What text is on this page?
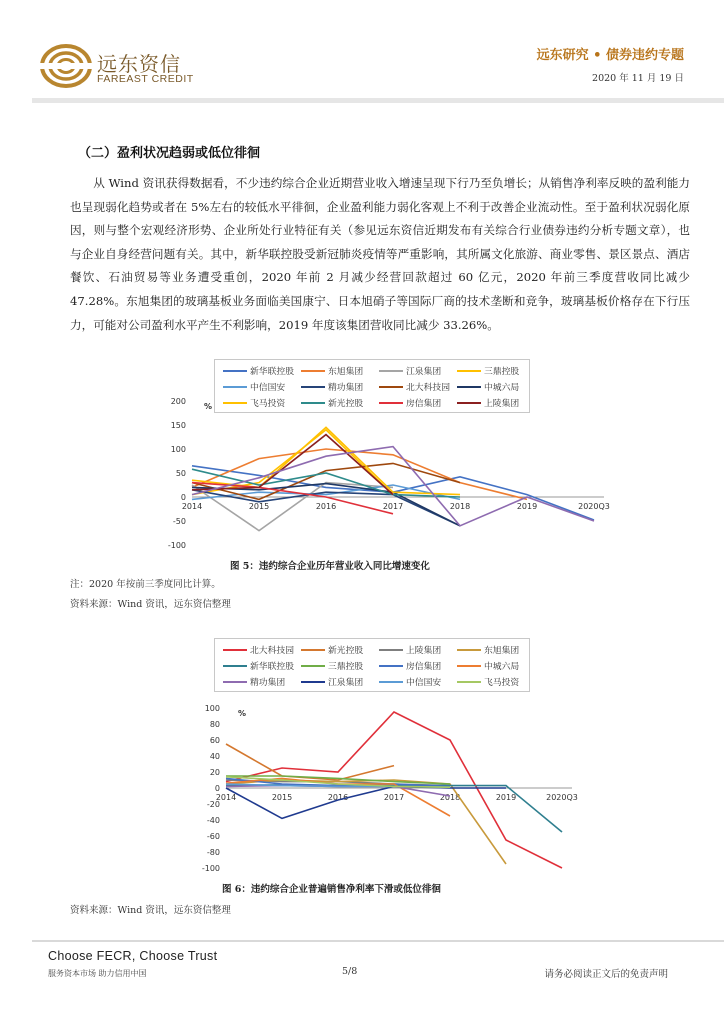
远东资信
FAREAST CREDIT
远东研究 • 债券违约专题
2020 年 11 月 19 日
（二）盈利状况趋弱或低位徘徊
从 Wind 资讯获得数据看，不少违约综合企业近期营业收入增速呈现下行乃至负增长；从销售净利率反映的盈利能力也呈现弱化趋势或者在 5%左右的较低水平徘徊，企业盈利能力弱化客观上不利于改善企业流动性。至于盈利状况弱化原因，则与整个宏观经济形势、企业所处行业特征有关（参见远东资信近期发布有关综合行业债券违约分析专题文章），也与企业自身经营问题有关。其中，新华联控股受新冠肺炎疫情等严重影响，其所属文化旅游、商业零售、景区景点、酒店餐饮、石油贸易等业务遭受重创，2020 年前 2 月减少经营回款超过 60 亿元，2020 年前三季度营收同比减少 47.28%。东旭集团的玻璃基板业务面临美国康宁、日本旭硝子等国际厂商的技术垄断和竞争，玻璃基板价格存在下行压力，可能对公司盈利水平产生不利影响，2019 年度该集团营收同比减少 33.26%。
新华联控股	东旭集团	江泉集团	三鼎控股
中信国安	精功集团	北大科技园	中城六局
飞马投资	新光控股	房信集团	上陵集团
200
150
100
50
0
-50
-100
%
2014	2015	2016	2017	2018	2019	2020Q3
图 5：违约综合企业历年营业收入同比增速变化
注：2020 年按前三季度同比计算。
资料来源：Wind 资讯，远东资信整理
北大科技园	新光控股	上陵集团	东旭集团
新华联控股	三鼎控股	房信集团	中城六局
精功集团	江泉集团	中信国安	飞马投资
100
80
60
40
20
0
-20
-40
-60
-80
-100
%
2014	2015	2016	2017	2018	2019	2020Q3
图 6：违约综合企业普遍销售净利率下滑或低位徘徊
资料来源：Wind 资讯，远东资信整理
Choose FECR, Choose Trust
服务资本市场 助力信用中国	5/8	请务必阅读正文后的免责声明
